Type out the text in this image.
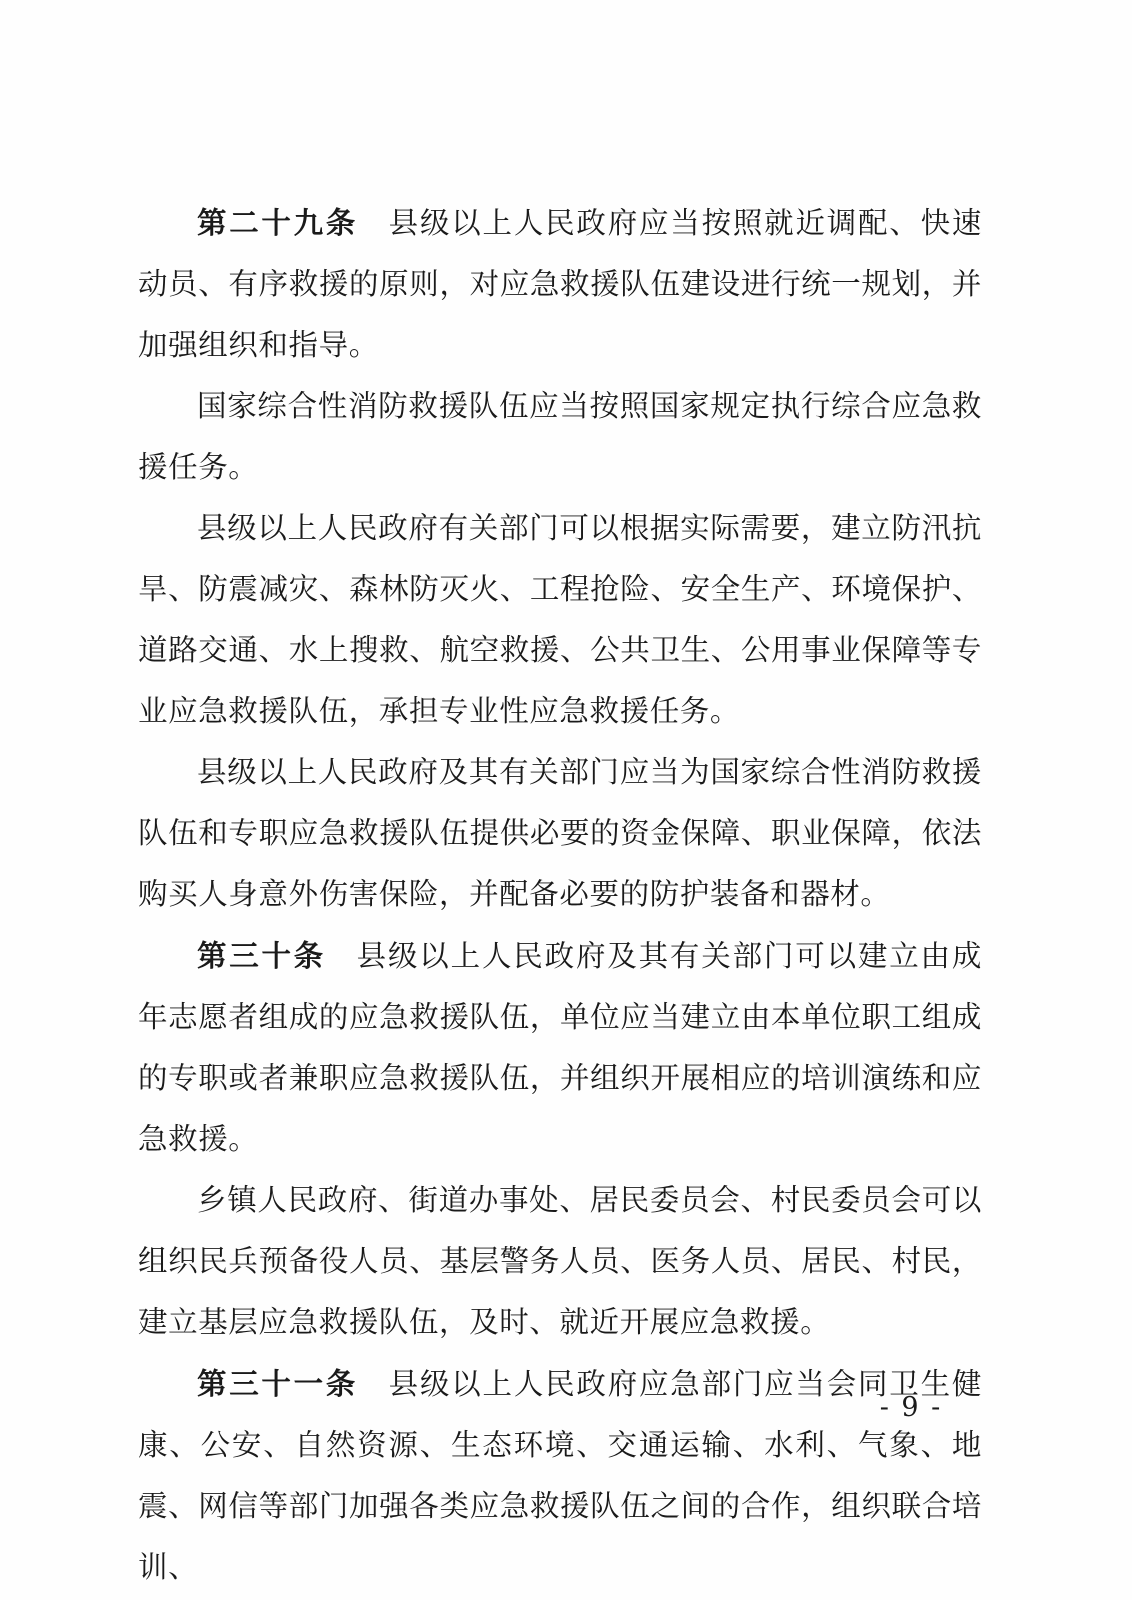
第二十九条 县级以上人民政府应当按照就近调配、快速动员、有序救援的原则，对应急救援队伍建设进行统一规划，并加强组织和指导。

国家综合性消防救援队伍应当按照国家规定执行综合应急救援任务。

县级以上人民政府有关部门可以根据实际需要，建立防汛抗旱、防震减灾、森林防灭火、工程抢险、安全生产、环境保护、道路交通、水上搜救、航空救援、公共卫生、公用事业保障等专业应急救援队伍，承担专业性应急救援任务。

县级以上人民政府及其有关部门应当为国家综合性消防救援队伍和专职应急救援队伍提供必要的资金保障、职业保障，依法购买人身意外伤害保险，并配备必要的防护装备和器材。

第三十条 县级以上人民政府及其有关部门可以建立由成年志愿者组成的应急救援队伍，单位应当建立由本单位职工组成的专职或者兼职应急救援队伍，并组织开展相应的培训演练和应急救援。

乡镇人民政府、街道办事处、居民委员会、村民委员会可以组织民兵预备役人员、基层警务人员、医务人员、居民、村民，建立基层应急救援队伍，及时、就近开展应急救援。

第三十一条 县级以上人民政府应急部门应当会同卫生健康、公安、自然资源、生态环境、交通运输、水利、气象、地震、网信等部门加强各类应急救援队伍之间的合作，组织联合培训、

- 9 -
